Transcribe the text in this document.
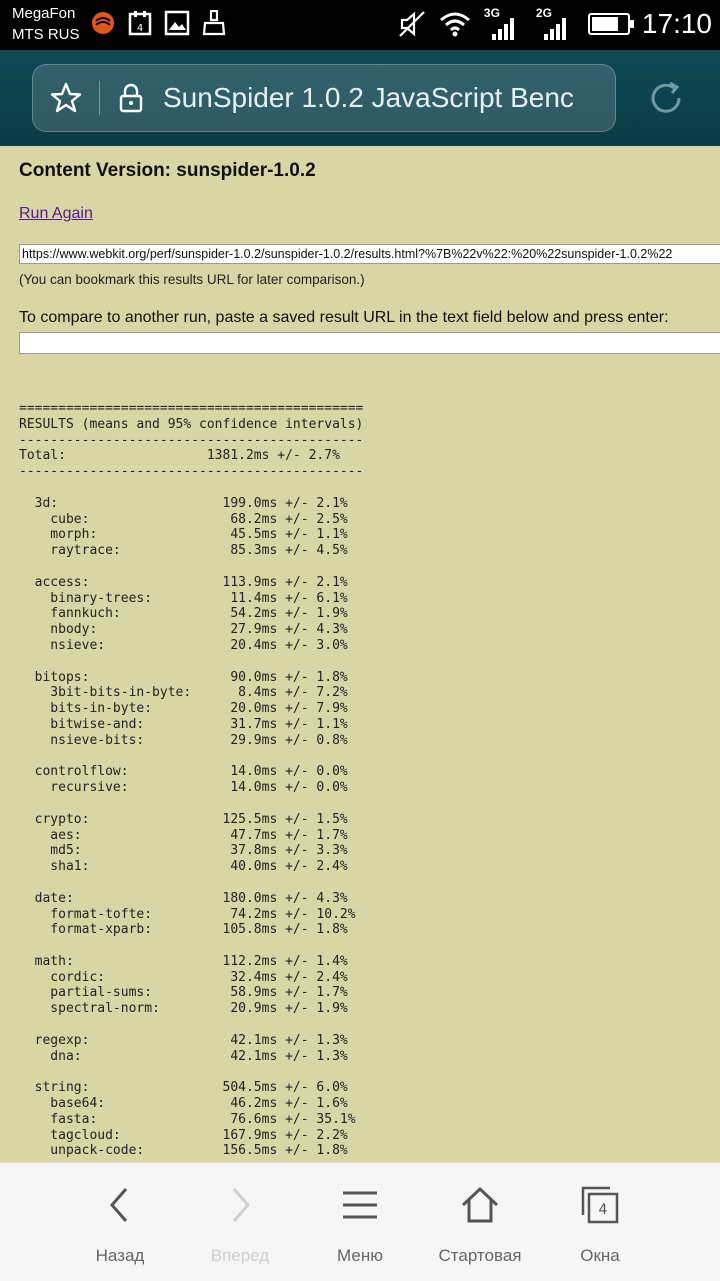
MegaFon
MTS RUS	4
3G	2G	17:10
SunSpider 1.0.2 JavaScript Benc
Content Version: sunspider-1.0.2
Run Again
https://www.webkit.org/perf/sunspider-1.0.2/sunspider-1.0.2/results.html?%7B%22v%22:%20%22sunspider-1.0.2%22
(You can bookmark this results URL for later comparison.)
To compare to another run, paste a saved result URL in the text field below and press enter:
============================================
RESULTS (means and 95% confidence intervals)
--------------------------------------------
Total:                  1381.2ms +/- 2.7%
--------------------------------------------

3d:                     199.0ms +/- 2.1%
cube:                  68.2ms +/- 2.5%
morph:                 45.5ms +/- 1.1%
raytrace:              85.3ms +/- 4.5%

access:                 113.9ms +/- 2.1%
binary-trees:          11.4ms +/- 6.1%
fannkuch:              54.2ms +/- 1.9%
nbody:                 27.9ms +/- 4.3%
nsieve:                20.4ms +/- 3.0%

bitops:                  90.0ms +/- 1.8%
3bit-bits-in-byte:      8.4ms +/- 7.2%
bits-in-byte:          20.0ms +/- 7.9%
bitwise-and:           31.7ms +/- 1.1%
nsieve-bits:           29.9ms +/- 0.8%

controlflow:             14.0ms +/- 0.0%
recursive:             14.0ms +/- 0.0%

crypto:                 125.5ms +/- 1.5%
aes:                   47.7ms +/- 1.7%
md5:                   37.8ms +/- 3.3%
sha1:                  40.0ms +/- 2.4%

date:                   180.0ms +/- 4.3%
format-tofte:          74.2ms +/- 10.2%
format-xparb:         105.8ms +/- 1.8%

math:                   112.2ms +/- 1.4%
cordic:                32.4ms +/- 2.4%
partial-sums:          58.9ms +/- 1.7%
spectral-norm:         20.9ms +/- 1.9%

regexp:                  42.1ms +/- 1.3%
dna:                   42.1ms +/- 1.3%

string:                 504.5ms +/- 6.0%
base64:                46.2ms +/- 1.6%
fasta:                 76.6ms +/- 35.1%
tagcloud:             167.9ms +/- 2.2%
unpack-code:          156.5ms +/- 1.8%

Назад	Вперед	Меню	Стартовая
4
Окна
